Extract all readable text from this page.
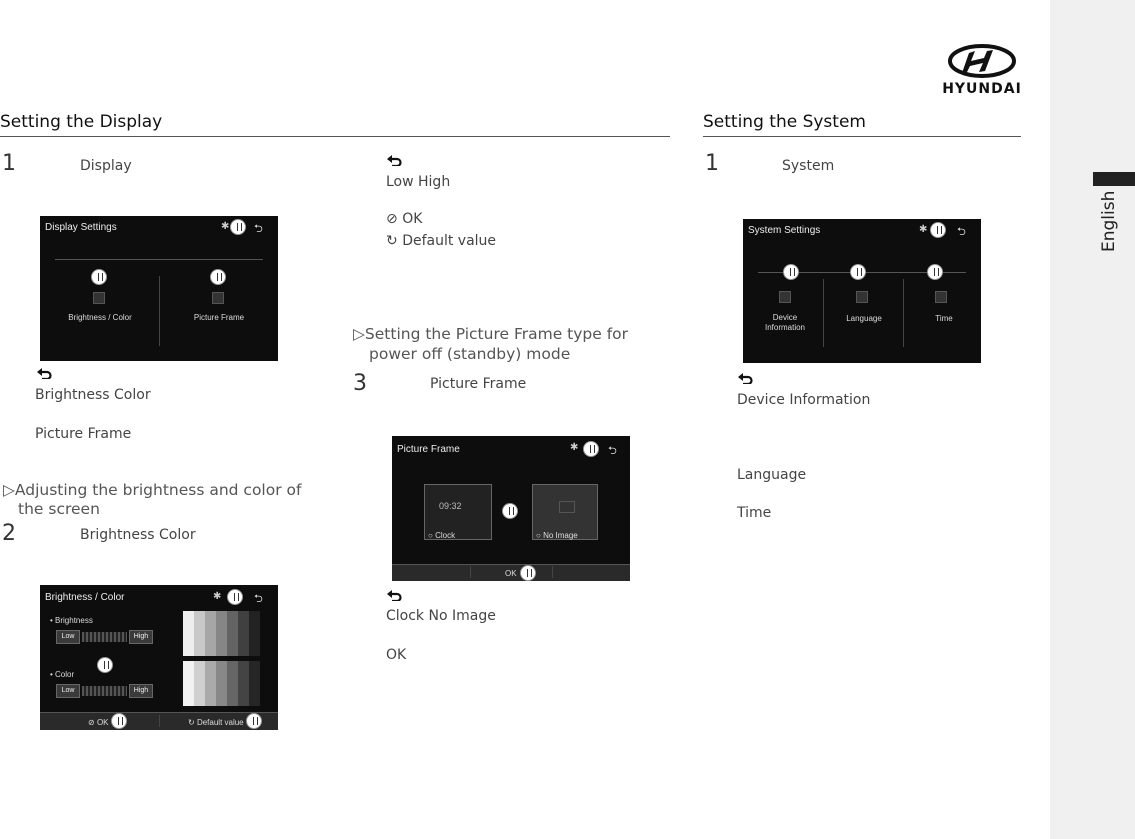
English
HYUNDAI
Setting the Display
1	Display
Display Settings	✱ ⮌
Brightness / Color	Picture Frame
Brightness Color
Picture Frame
▷Adjusting the brightness and color of
the screen
2	Brightness Color
Brightness / Color	✱	⮌
• Brightness
Low	High
• Color
Low	High
⊘ OK	↻ Default value
Low High
⊘ OK
↻ Default value
▷Setting the Picture Frame type for
power off (standby) mode
3	Picture Frame
Picture Frame	✱	⮌
09:32
○ Clock	○ No Image
OK
Clock No Image
OK
Setting the System
1	System
System Settings	✱	⮌
Device Information
Language	Time
Device Information
Language
Time
